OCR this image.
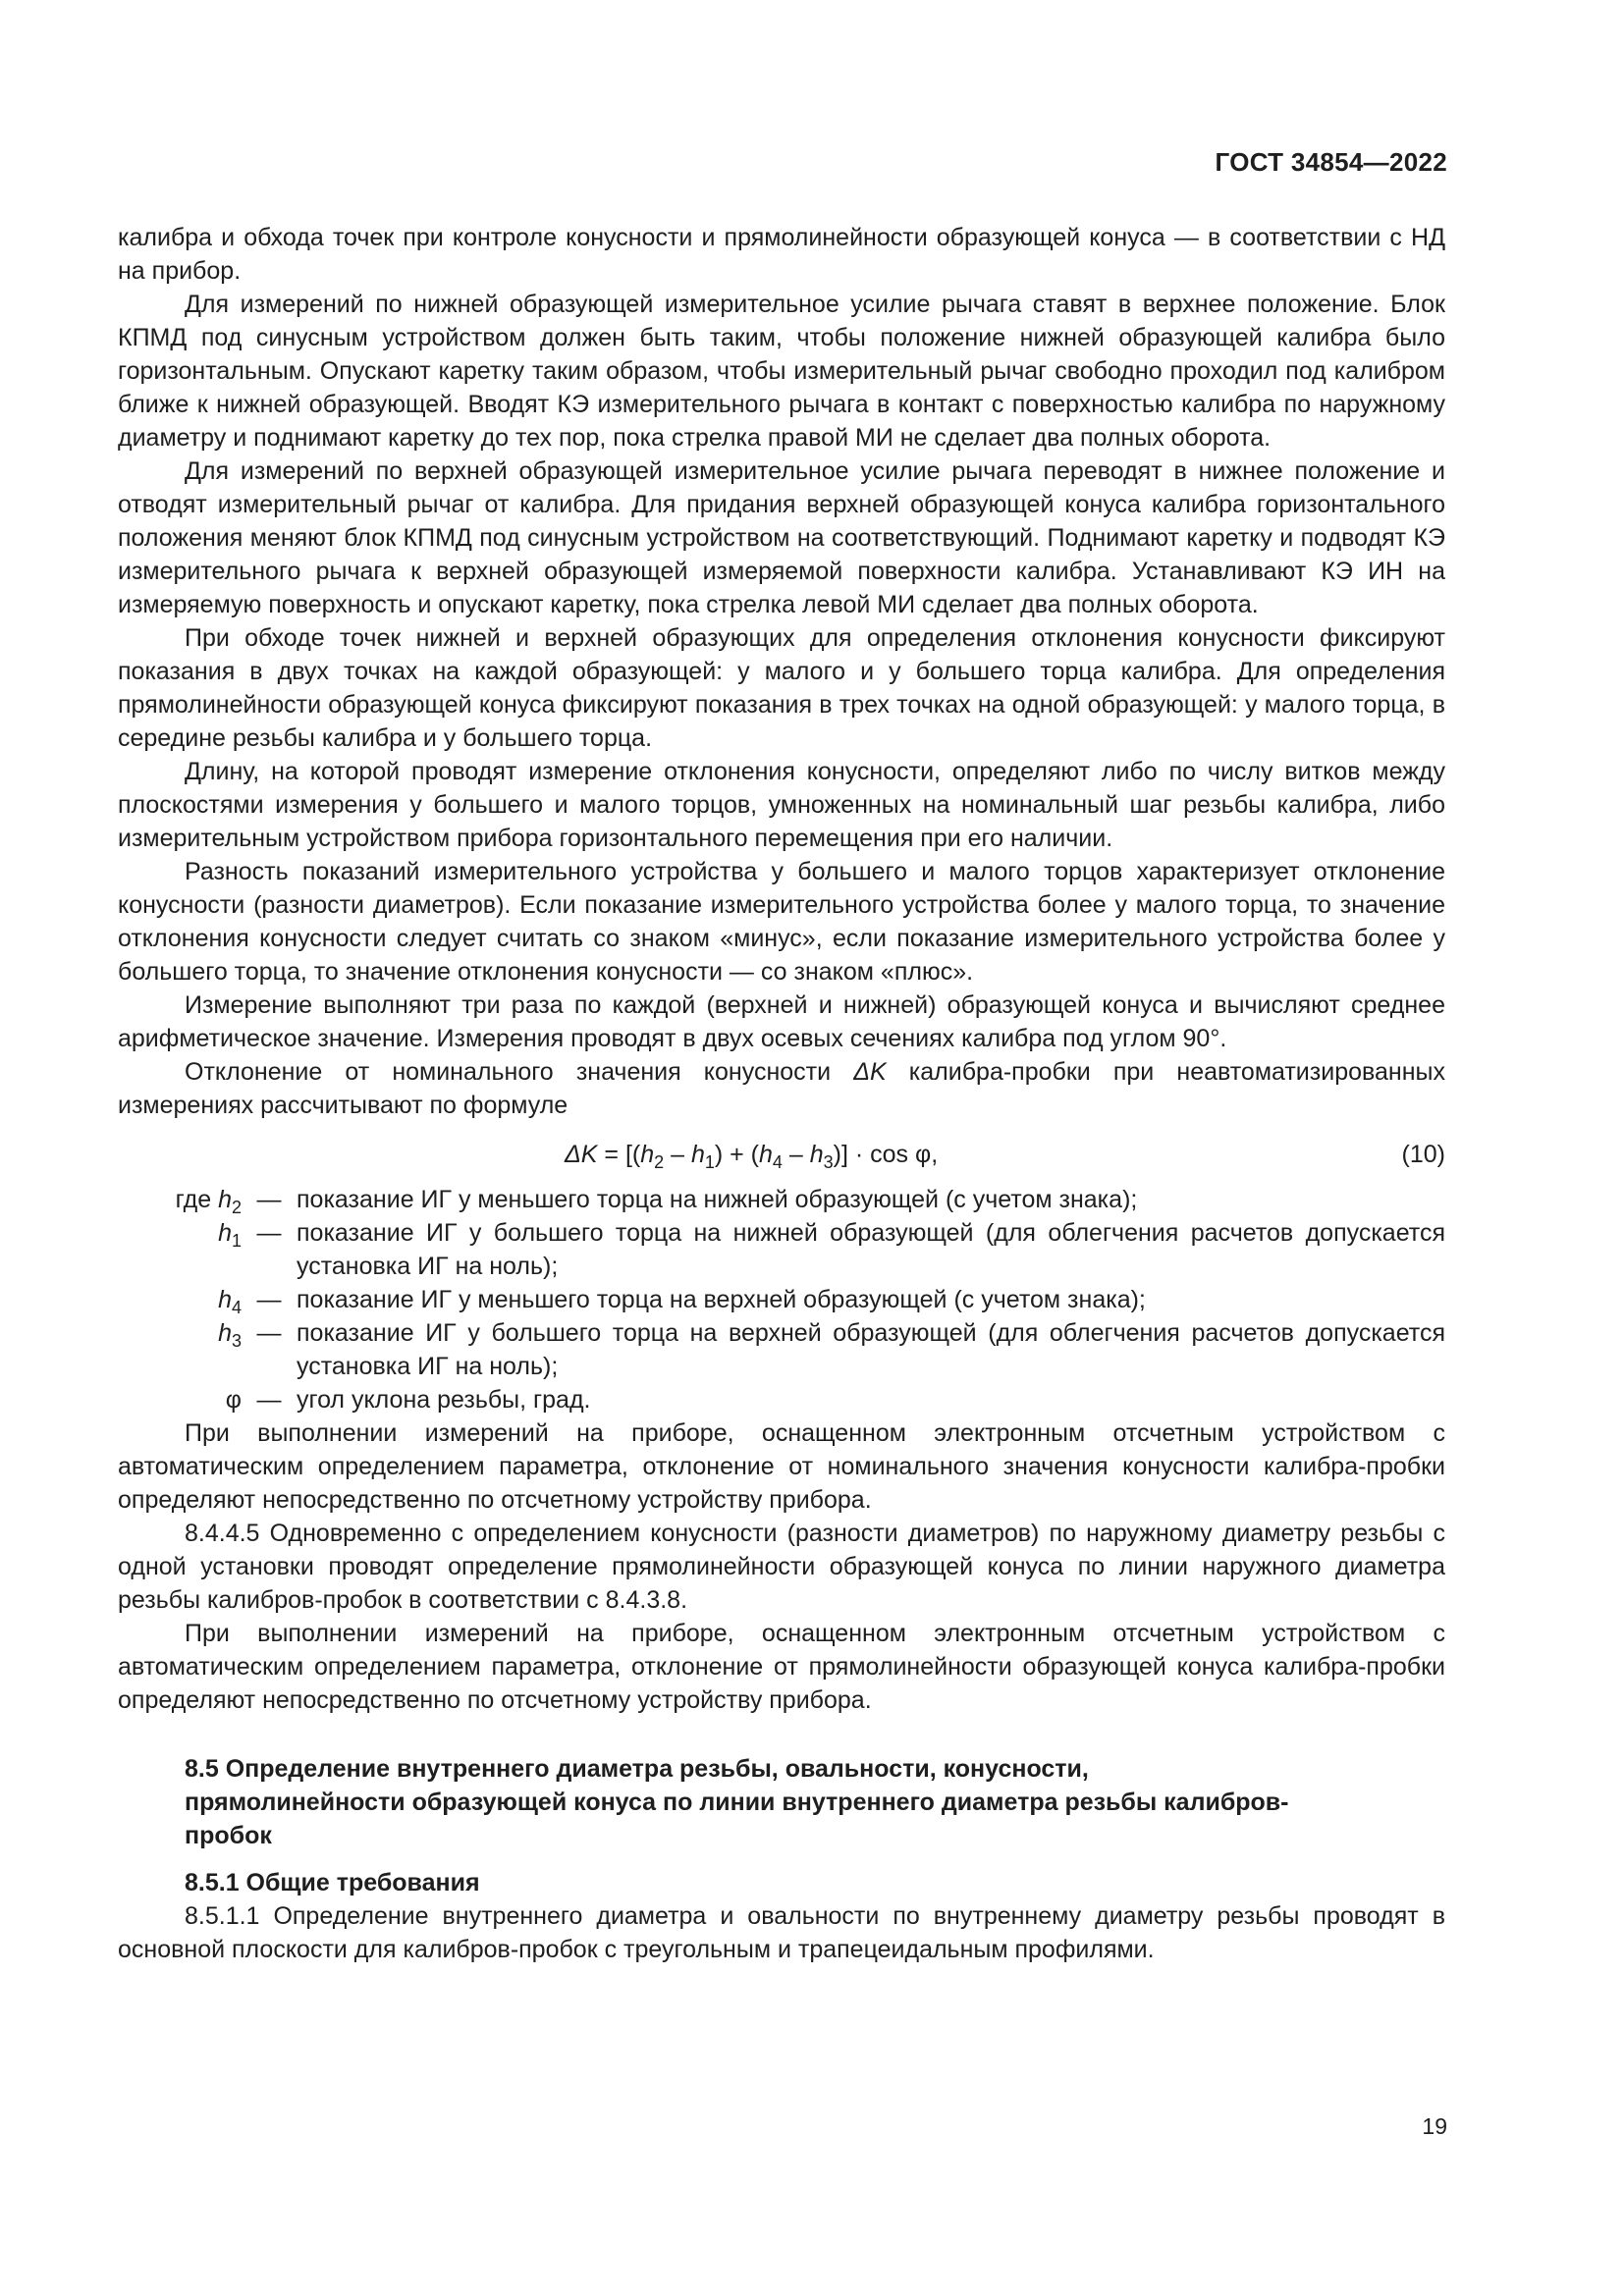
ГОСТ 34854—2022

калибра и обхода точек при контроле конусности и прямолинейности образующей конуса — в соответствии с НД на прибор.

Для измерений по нижней образующей измерительное усилие рычага ставят в верхнее положение. Блок КПМД под синусным устройством должен быть таким, чтобы положение нижней образующей калибра было горизонтальным. Опускают каретку таким образом, чтобы измерительный рычаг свободно проходил под калибром ближе к нижней образующей. Вводят КЭ измерительного рычага в контакт с поверхностью калибра по наружному диаметру и поднимают каретку до тех пор, пока стрелка правой МИ не сделает два полных оборота.

Для измерений по верхней образующей измерительное усилие рычага переводят в нижнее положение и отводят измерительный рычаг от калибра. Для придания верхней образующей конуса калибра горизонтального положения меняют блок КПМД под синусным устройством на соответствующий. Поднимают каретку и подводят КЭ измерительного рычага к верхней образующей измеряемой поверхности калибра. Устанавливают КЭ ИН на измеряемую поверхность и опускают каретку, пока стрелка левой МИ сделает два полных оборота.

При обходе точек нижней и верхней образующих для определения отклонения конусности фиксируют показания в двух точках на каждой образующей: у малого и у большего торца калибра. Для определения прямолинейности образующей конуса фиксируют показания в трех точках на одной образующей: у малого торца, в середине резьбы калибра и у большего торца.

Длину, на которой проводят измерение отклонения конусности, определяют либо по числу витков между плоскостями измерения у большего и малого торцов, умноженных на номинальный шаг резьбы калибра, либо измерительным устройством прибора горизонтального перемещения при его наличии.

Разность показаний измерительного устройства у большего и малого торцов характеризует отклонение конусности (разности диаметров). Если показание измерительного устройства более у малого торца, то значение отклонения конусности следует считать со знаком «минус», если показание измерительного устройства более у большего торца, то значение отклонения конусности — со знаком «плюс».

Измерение выполняют три раза по каждой (верхней и нижней) образующей конуса и вычисляют среднее арифметическое значение. Измерения проводят в двух осевых сечениях калибра под углом 90°.

Отклонение от номинального значения конусности ΔK калибра-пробки при неавтоматизированных измерениях рассчитывают по формуле

$\Delta K = [(h_2 - h_1) + (h_4 - h_3)] \cdot \cos \varphi$,	(10)
где $h_2$ — показание ИГ у меньшего торца на нижней образующей (с учетом знака);
$h_1$ — показание ИГ у большего торца на нижней образующей (для облегчения расчетов допускается установка ИГ на ноль);
$h_4$ — показание ИГ у меньшего торца на верхней образующей (с учетом знака);
$h_3$ — показание ИГ у большего торца на верхней образующей (для облегчения расчетов допускается установка ИГ на ноль);
φ — угол уклона резьбы, град.

При выполнении измерений на приборе, оснащенном электронным отсчетным устройством с автоматическим определением параметра, отклонение от номинального значения конусности калибра-пробки определяют непосредственно по отсчетному устройству прибора.

8.4.4.5 Одновременно с определением конусности (разности диаметров) по наружному диаметру резьбы с одной установки проводят определение прямолинейности образующей конуса по линии наружного диаметра резьбы калибров-пробок в соответствии с 8.4.3.8.

При выполнении измерений на приборе, оснащенном электронным отсчетным устройством с автоматическим определением параметра, отклонение от прямолинейности образующей конуса калибра-пробки определяют непосредственно по отсчетному устройству прибора.

8.5 Определение внутреннего диаметра резьбы, овальности, конусности, прямолинейности образующей конуса по линии внутреннего диаметра резьбы калибров-пробок
8.5.1 Общие требования

8.5.1.1 Определение внутреннего диаметра и овальности по внутреннему диаметру резьбы проводят в основной плоскости для калибров-пробок с треугольным и трапецеидальным профилями.

19
